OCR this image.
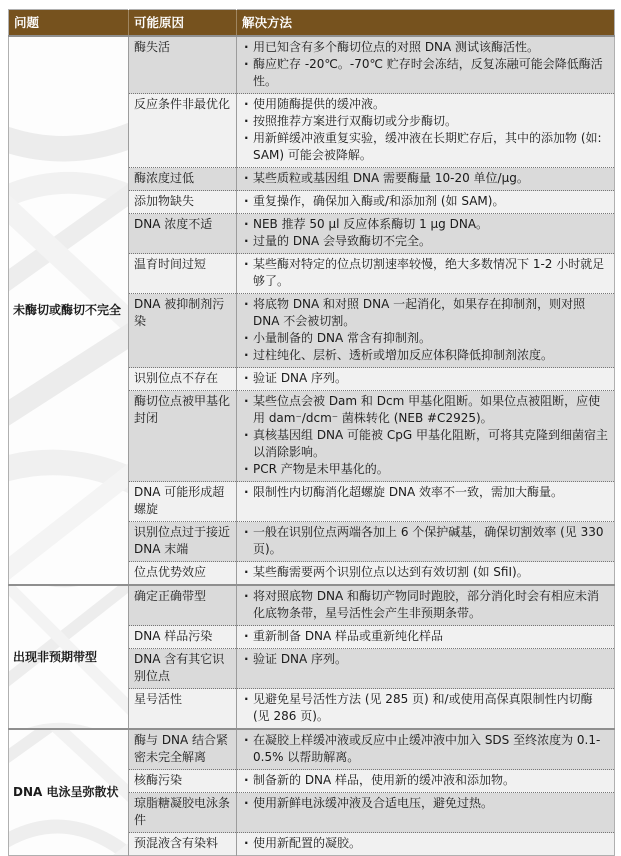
问题	可能原因	解决方法

未酶切或酶切不完全	酶失活	· 用已知含有多个酶切位点的对照 DNA 测试该酶活性。
· 酶应贮存 -20℃。-70℃ 贮存时会冻结，反复冻融可能会降低酶活性。

	反应条件非最优化	· 使用随酶提供的缓冲液。
· 按照推荐方案进行双酶切或分步酶切。
· 用新鲜缓冲液重复实验，缓冲液在长期贮存后，其中的添加物 (如: SAM) 可能会被降解。

	酶浓度过低	· 某些质粒或基因组 DNA 需要酶量 10-20 单位/μg。

	添加物缺失	· 重复操作，确保加入酶或/和添加剂 (如 SAM)。

	DNA 浓度不适	· NEB 推荐 50 μl 反应体系酶切 1 μg DNA。
· 过量的 DNA 会导致酶切不完全。

	温育时间过短	· 某些酶对特定的位点切割速率较慢，绝大多数情况下 1-2 小时就足够了。

	DNA 被抑制剂污染	· 将底物 DNA 和对照 DNA 一起消化，如果存在抑制剂，则对照 DNA 不会被切割。
· 小量制备的 DNA 常含有抑制剂。
· 过柱纯化、层析、透析或增加反应体积降低抑制剂浓度。

	识别位点不存在	· 验证 DNA 序列。

	酶切位点被甲基化封闭	· 某些位点会被 Dam 和 Dcm 甲基化阻断。如果位点被阻断，应使用 dam⁻/dcm⁻ 菌株转化 (NEB #C2925)。
· 真核基因组 DNA 可能被 CpG 甲基化阻断，可将其克隆到细菌宿主以消除影响。
· PCR 产物是未甲基化的。

	DNA 可能形成超螺旋	· 限制性内切酶消化超螺旋 DNA 效率不一致，需加大酶量。

	识别位点过于接近 DNA 末端	· 一般在识别位点两端各加上 6 个保护碱基，确保切割效率 (见 330 页)。

	位点优势效应	· 某些酶需要两个识别位点以达到有效切割 (如 SfiI)。

出现非预期带型	确定正确带型	· 将对照底物 DNA 和酶切产物同时跑胶，部分消化时会有相应未消化底物条带，星号活性会产生非预期条带。

	DNA 样品污染	· 重新制备 DNA 样品或重新纯化样品

	DNA 含有其它识别位点	· 验证 DNA 序列。

	星号活性	· 见避免星号活性方法 (见 285 页) 和/或使用高保真限制性内切酶 (见 286 页)。

DNA 电泳呈弥散状	酶与 DNA 结合紧密未完全解离	· 在凝胶上样缓冲液或反应中止缓冲液中加入 SDS 至终浓度为 0.1-0.5% 以帮助解离。

	核酶污染	· 制备新的 DNA 样品，使用新的缓冲液和添加物。

	琼脂糖凝胶电泳条件	· 使用新鲜电泳缓冲液及合适电压，避免过热。

	预混液含有染料	· 使用新配置的凝胶。
